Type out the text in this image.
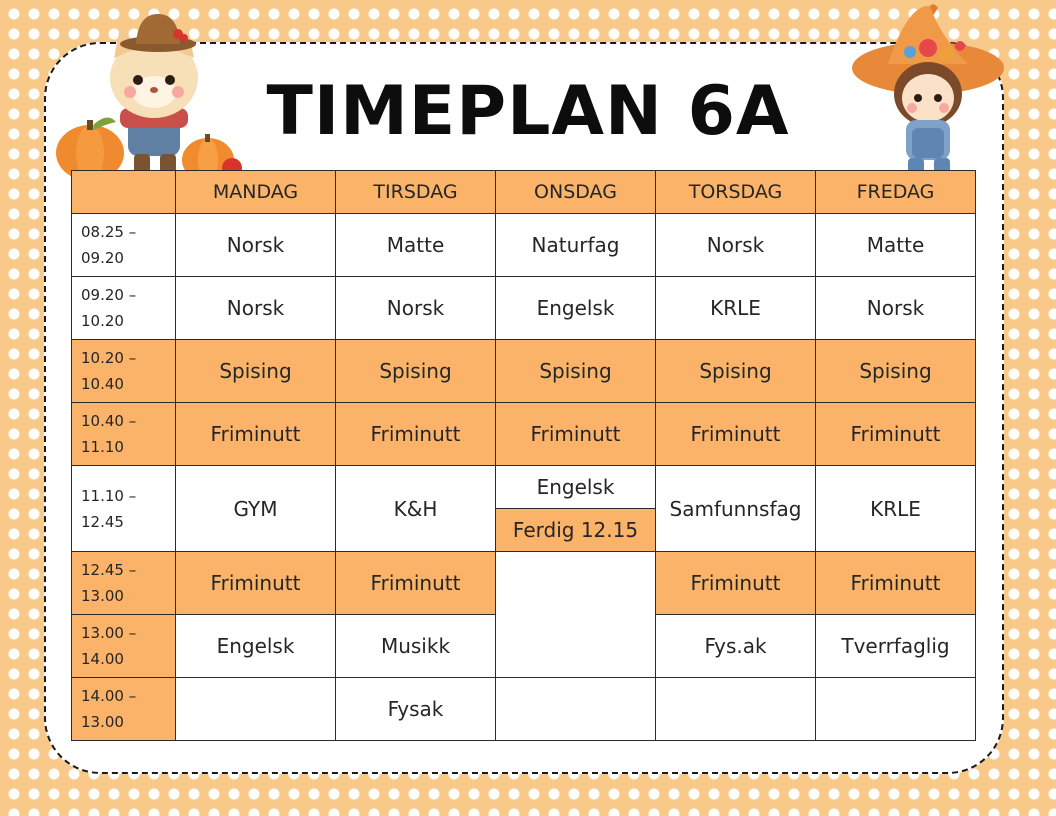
TIMEPLAN 6A
	MANDAG	TIRSDAG	ONSDAG	TORSDAG	FREDAG
08.25 –
09.20	Norsk	Matte	Naturfag	Norsk	Matte
09.20 –
10.20	Norsk	Norsk	Engelsk	KRLE	Norsk
10.20 –
10.40	Spising	Spising	Spising	Spising	Spising
10.40 –
11.10	Friminutt	Friminutt	Friminutt	Friminutt	Friminutt
11.10 –
12.45	GYM	K&H	Engelsk	Samfunnsfag	KRLE
			Ferdig 12.15		
12.45 –
13.00	Friminutt	Friminutt		Friminutt	Friminutt
13.00 –
14.00	Engelsk	Musikk		Fys.ak	Tverrfaglig
14.00 –
13.00		Fysak			
